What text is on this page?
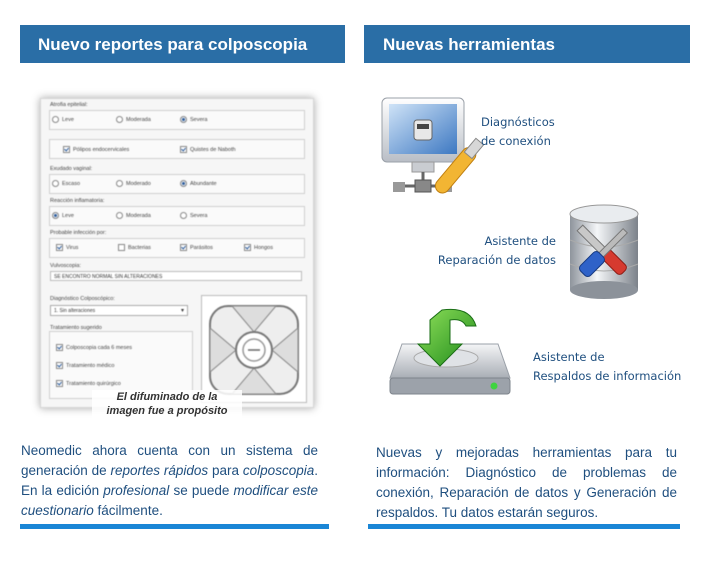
Nuevo reportes para colposcopia	Nuevas herramientas
Atrofia epitelial:
Leve	Moderada	Severa
Pólipos endocervicales	Quistes de Naboth
Exudado vaginal:
Escaso	Moderado	Abundante
Reacción inflamatoria:
Leve	Moderada	Severa
Probable infección por:
Virus	Bacterias	Parásitos	Hongos
Vulvoscopia:
SE ENCONTRO NORMAL SIN ALTERACIONES
Diagnóstico Colposcópico:
1. Sin alteraciones ▾
Tratamiento sugerido
Colposcopia cada 6 meses
Tratamiento médico
Tratamiento quirúrgico
El difuminado de la
imagen fue a propósito
Neomedic ahora cuenta con un sistema de generación de reportes rápidos para colposcopia. En la edición profesional se puede modificar este cuestionario fácilmente.
Diagnósticos
de conexión
Asistente de
Reparación de datos
Asistente de
Respaldos de información
Nuevas y mejoradas herramientas para tu información: Diagnóstico de problemas de conexión, Reparación de datos y Generación de respaldos. Tu datos estarán seguros.
